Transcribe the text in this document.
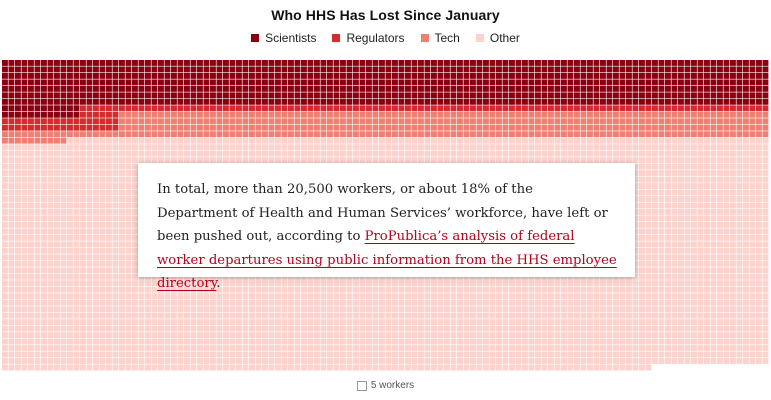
Who HHS Has Lost Since January
Scientists	Regulators	Tech	Other
In total, more than 20,500 workers, or about 18% of the Department of Health and Human Services’ workforce, have left or been pushed out, according to ProPublica’s analysis of federal worker departures using public information from the HHS employee directory.
5 workers
